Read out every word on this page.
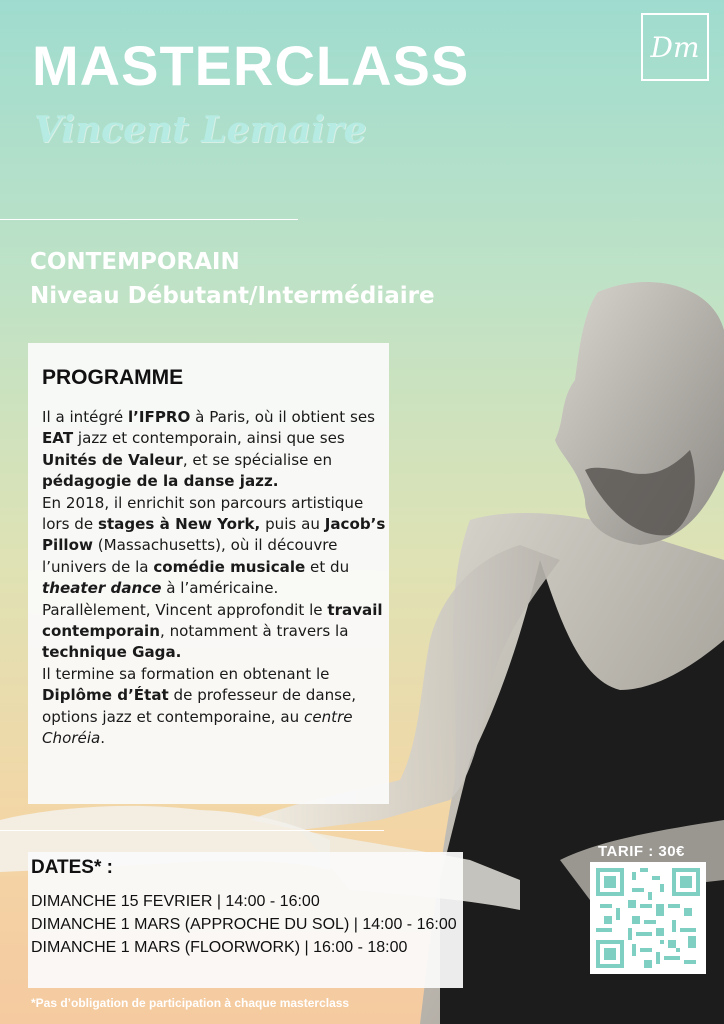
Dm
MASTERCLASS
Vincent Lemaire
CONTEMPORAIN
Niveau Débutant/Intermédiaire
PROGRAMME
Il a intégré l’IFPRO à Paris, où il obtient ses EAT jazz et contemporain, ainsi que ses Unités de Valeur, et se spécialise en pédagogie de la danse jazz.
En 2018, il enrichit son parcours artistique lors de stages à New York, puis au Jacob’s Pillow (Massachusetts), où il découvre l’univers de la comédie musicale et du theater dance à l’américaine.
Parallèlement, Vincent approfondit le travail contemporain, notamment à travers la technique Gaga.
Il termine sa formation en obtenant le Diplôme d’État de professeur de danse, options jazz et contemporaine, au centre Choréia.
DATES* :
DIMANCHE 15 FEVRIER | 14:00 - 16:00
DIMANCHE 1 MARS (APPROCHE DU SOL) | 14:00 - 16:00
DIMANCHE 1 MARS (FLOORWORK) | 16:00 - 18:00
*Pas d’obligation de participation à chaque masterclass
TARIF : 30€
